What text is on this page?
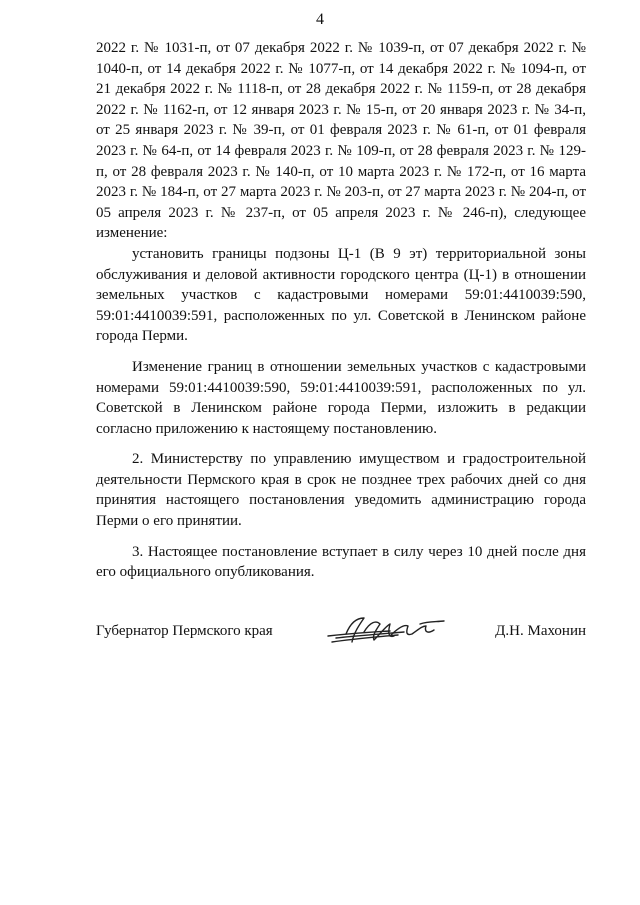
4

2022 г. № 1031-п, от 07 декабря 2022 г. № 1039-п, от 07 декабря 2022 г. № 1040-п, от 14 декабря 2022 г. № 1077-п, от 14 декабря 2022 г. № 1094-п, от 21 декабря 2022 г. № 1118-п, от 28 декабря 2022 г. № 1159-п, от 28 декабря 2022 г. № 1162-п, от 12 января 2023 г. № 15-п, от 20 января 2023 г. № 34-п, от 25 января 2023 г. № 39-п, от 01 февраля 2023 г. № 61-п, от 01 февраля 2023 г. № 64-п, от 14 февраля 2023 г. № 109-п, от 28 февраля 2023 г. № 129-п, от 28 февраля 2023 г. № 140-п, от 10 марта 2023 г. № 172-п, от 16 марта 2023 г. № 184-п, от 27 марта 2023 г. № 203-п, от 27 марта 2023 г. № 204-п, от 05 апреля 2023 г. № 237-п, от 05 апреля 2023 г. № 246-п), следующее изменение:

установить границы подзоны Ц-1 (В 9 эт) территориальной зоны обслуживания и деловой активности городского центра (Ц-1) в отношении земельных участков с кадастровыми номерами 59:01:4410039:590, 59:01:4410039:591, расположенных по ул. Советской в Ленинском районе города Перми.

Изменение границ в отношении земельных участков с кадастровыми номерами 59:01:4410039:590, 59:01:4410039:591, расположенных по ул. Советской в Ленинском районе города Перми, изложить в редакции согласно приложению к настоящему постановлению.

2. Министерству по управлению имуществом и градостроительной деятельности Пермского края в срок не позднее трех рабочих дней со дня принятия настоящего постановления уведомить администрацию города Перми о его принятии.

3. Настоящее постановление вступает в силу через 10 дней после дня его официального опубликования.

Губернатор Пермского края	Д.Н. Махонин
